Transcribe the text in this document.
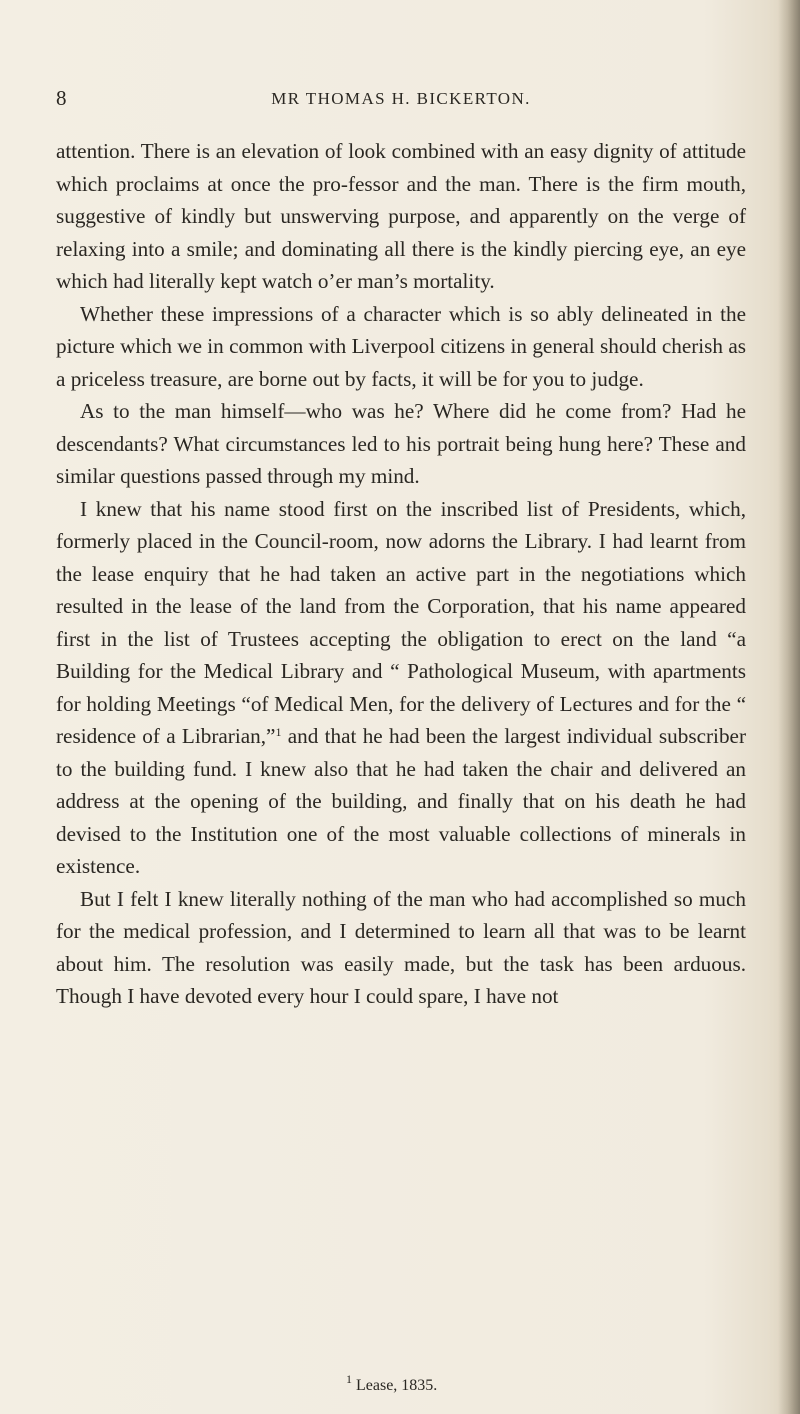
8	MR THOMAS H. BICKERTON.

attention. There is an elevation of look combined with an easy dignity of attitude which proclaims at once the pro-fessor and the man. There is the firm mouth, suggestive of kindly but unswerving purpose, and apparently on the verge of relaxing into a smile; and dominating all there is the kindly piercing eye, an eye which had literally kept watch o’er man’s mortality.

Whether these impressions of a character which is so ably delineated in the picture which we in common with Liverpool citizens in general should cherish as a priceless treasure, are borne out by facts, it will be for you to judge.

As to the man himself—who was he? Where did he come from? Had he descendants? What circumstances led to his portrait being hung here? These and similar questions passed through my mind.

I knew that his name stood first on the inscribed list of Presidents, which, formerly placed in the Council-room, now adorns the Library. I had learnt from the lease enquiry that he had taken an active part in the negotiations which resulted in the lease of the land from the Corporation, that his name appeared first in the list of Trustees accepting the obligation to erect on the land “a Building for the Medical Library and “ Pathological Museum, with apartments for holding Meetings “of Medical Men, for the delivery of Lectures and for the “ residence of a Librarian,”$^1$ and that he had been the largest individual subscriber to the building fund. I knew also that he had taken the chair and delivered an address at the opening of the building, and finally that on his death he had devised to the Institution one of the most valuable collections of minerals in existence.

But I felt I knew literally nothing of the man who had accomplished so much for the medical profession, and I determined to learn all that was to be learnt about him. The resolution was easily made, but the task has been arduous. Though I have devoted every hour I could spare, I have not

$^1$ Lease, 1835.
